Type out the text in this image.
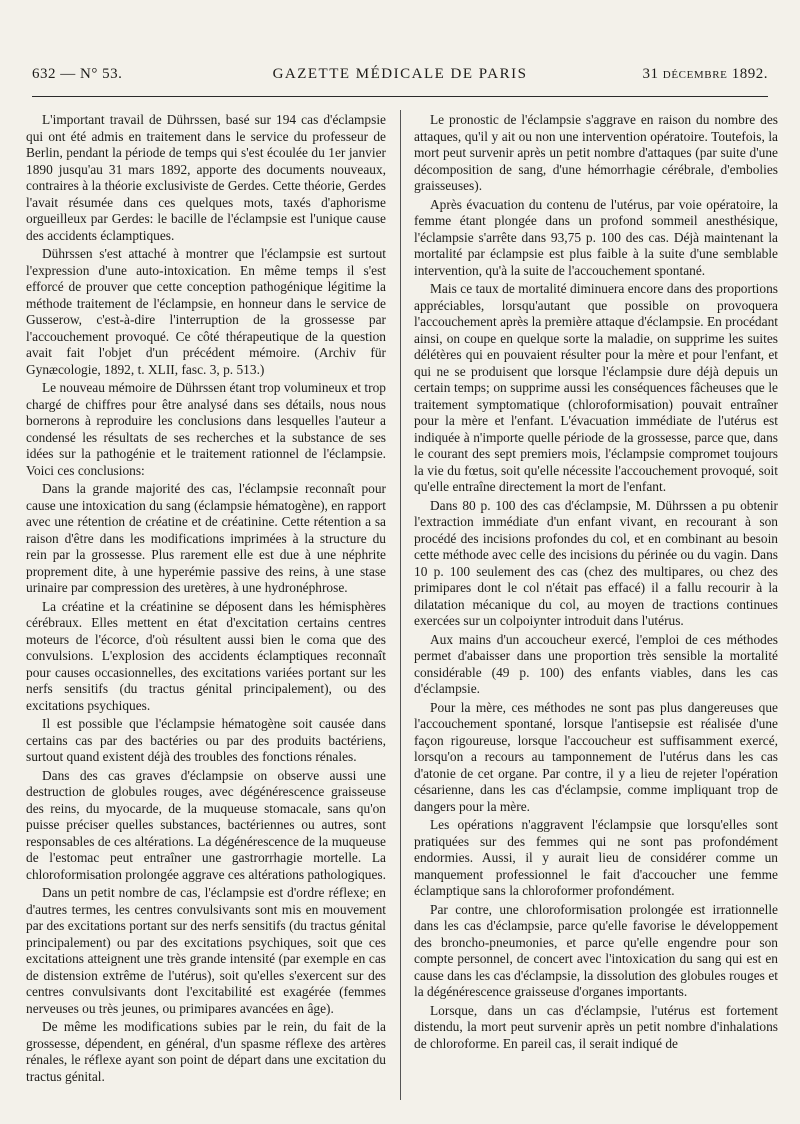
632 — N° 53.	GAZETTE MÉDICALE DE PARIS	31 DÉCEMBRE 1892.

L'important travail de Dührssen, basé sur 194 cas d'éclampsie qui ont été admis en traitement dans le service du professeur de Berlin, pendant la période de temps qui s'est écoulée du 1er janvier 1890 jusqu'au 31 mars 1892, apporte des documents nouveaux, contraires à la théorie exclusiviste de Gerdes. Cette théorie, Gerdes l'avait résumée dans ces quelques mots, taxés d'aphorisme orgueilleux par Gerdes: le bacille de l'éclampsie est l'unique cause des accidents éclamptiques.

Dührssen s'est attaché à montrer que l'éclampsie est surtout l'expression d'une auto-intoxication. En même temps il s'est efforcé de prouver que cette conception pathogénique légitime la méthode traitement de l'éclampsie, en honneur dans le service de Gusserow, c'est-à-dire l'interruption de la grossesse par l'accouchement provoqué. Ce côté thérapeutique de la question avait fait l'objet d'un précédent mémoire. (Archiv für Gynæcologie, 1892, t. XLII, fasc. 3, p. 513.)

Le nouveau mémoire de Dührssen étant trop volumineux et trop chargé de chiffres pour être analysé dans ses détails, nous nous bornerons à reproduire les conclusions dans lesquelles l'auteur a condensé les résultats de ses recherches et la substance de ses idées sur la pathogénie et le traitement rationnel de l'éclampsie. Voici ces conclusions:

Dans la grande majorité des cas, l'éclampsie reconnaît pour cause une intoxication du sang (éclampsie hématogène), en rapport avec une rétention de créatine et de créatinine. Cette rétention a sa raison d'être dans les modifications imprimées à la structure du rein par la grossesse. Plus rarement elle est due à une néphrite proprement dite, à une hyperémie passive des reins, à une stase urinaire par compression des uretères, à une hydronéphrose.

La créatine et la créatinine se déposent dans les hémisphères cérébraux. Elles mettent en état d'excitation certains centres moteurs de l'écorce, d'où résultent aussi bien le coma que des convulsions. L'explosion des accidents éclamptiques reconnaît pour causes occasionnelles, des excitations variées portant sur les nerfs sensitifs (du tractus génital principalement), ou des excitations psychiques.

Il est possible que l'éclampsie hématogène soit causée dans certains cas par des bactéries ou par des produits bactériens, surtout quand existent déjà des troubles des fonctions rénales.

Dans des cas graves d'éclampsie on observe aussi une destruction de globules rouges, avec dégénérescence graisseuse des reins, du myocarde, de la muqueuse stomacale, sans qu'on puisse préciser quelles substances, bactériennes ou autres, sont responsables de ces altérations. La dégénérescence de la muqueuse de l'estomac peut entraîner une gastrorrhagie mortelle. La chloroformisation prolongée aggrave ces altérations pathologiques.

Dans un petit nombre de cas, l'éclampsie est d'ordre réflexe; en d'autres termes, les centres convulsivants sont mis en mouvement par des excitations portant sur des nerfs sensitifs (du tractus génital principalement) ou par des excitations psychiques, soit que ces excitations atteignent une très grande intensité (par exemple en cas de distension extrême de l'utérus), soit qu'elles s'exercent sur des centres convulsivants dont l'excitabilité est exagérée (femmes nerveuses ou très jeunes, ou primipares avancées en âge).

De même les modifications subies par le rein, du fait de la grossesse, dépendent, en général, d'un spasme réflexe des artères rénales, le réflexe ayant son point de départ dans une excitation du tractus génital.

Le pronostic de l'éclampsie s'aggrave en raison du nombre des attaques, qu'il y ait ou non une intervention opératoire. Toutefois, la mort peut survenir après un petit nombre d'attaques (par suite d'une décomposition de sang, d'une hémorrhagie cérébrale, d'embolies graisseuses).

Après évacuation du contenu de l'utérus, par voie opératoire, la femme étant plongée dans un profond sommeil anesthésique, l'éclampsie s'arrête dans 93,75 p. 100 des cas. Déjà maintenant la mortalité par éclampsie est plus faible à la suite d'une semblable intervention, qu'à la suite de l'accouchement spontané.

Mais ce taux de mortalité diminuera encore dans des proportions appréciables, lorsqu'autant que possible on provoquera l'accouchement après la première attaque d'éclampsie. En procédant ainsi, on coupe en quelque sorte la maladie, on supprime les suites délétères qui en pouvaient résulter pour la mère et pour l'enfant, et qui ne se produisent que lorsque l'éclampsie dure déjà depuis un certain temps; on supprime aussi les conséquences fâcheuses que le traitement symptomatique (chloroformisation) pouvait entraîner pour la mère et l'enfant. L'évacuation immédiate de l'utérus est indiquée à n'importe quelle période de la grossesse, parce que, dans le courant des sept premiers mois, l'éclampsie compromet toujours la vie du fœtus, soit qu'elle nécessite l'accouchement provoqué, soit qu'elle entraîne directement la mort de l'enfant.

Dans 80 p. 100 des cas d'éclampsie, M. Dührssen a pu obtenir l'extraction immédiate d'un enfant vivant, en recourant à son procédé des incisions profondes du col, et en combinant au besoin cette méthode avec celle des incisions du périnée ou du vagin. Dans 10 p. 100 seulement des cas (chez des multipares, ou chez des primipares dont le col n'était pas effacé) il a fallu recourir à la dilatation mécanique du col, au moyen de tractions continues exercées sur un colpoіynter introduit dans l'utérus.

Aux mains d'un accoucheur exercé, l'emploi de ces méthodes permet d'abaisser dans une proportion très sensible la mortalité considérable (49 p. 100) des enfants viables, dans les cas d'éclampsie.

Pour la mère, ces méthodes ne sont pas plus dangereuses que l'accouchement spontané, lorsque l'antisepsie est réalisée d'une façon rigoureuse, lorsque l'accoucheur est suffisamment exercé, lorsqu'on a recours au tamponnement de l'utérus dans les cas d'atonie de cet organe. Par contre, il y a lieu de rejeter l'opération césarienne, dans les cas d'éclampsie, comme impliquant trop de dangers pour la mère.

Les opérations n'aggravent l'éclampsie que lorsqu'elles sont pratiquées sur des femmes qui ne sont pas profondément endormies. Aussi, il y aurait lieu de considérer comme un manquement professionnel le fait d'accoucher une femme éclamptique sans la chloroformer profondément.

Par contre, une chloroformisation prolongée est irrationnelle dans les cas d'éclampsie, parce qu'elle favorise le développement des broncho-pneumonies, et parce qu'elle engendre pour son compte personnel, de concert avec l'intoxication du sang qui est en cause dans les cas d'éclampsie, la dissolution des globules rouges et la dégénérescence graisseuse d'organes importants.

Lorsque, dans un cas d'éclampsie, l'utérus est fortement distendu, la mort peut survenir après un petit nombre d'inhalations de chloroforme. En pareil cas, il serait indiqué de
